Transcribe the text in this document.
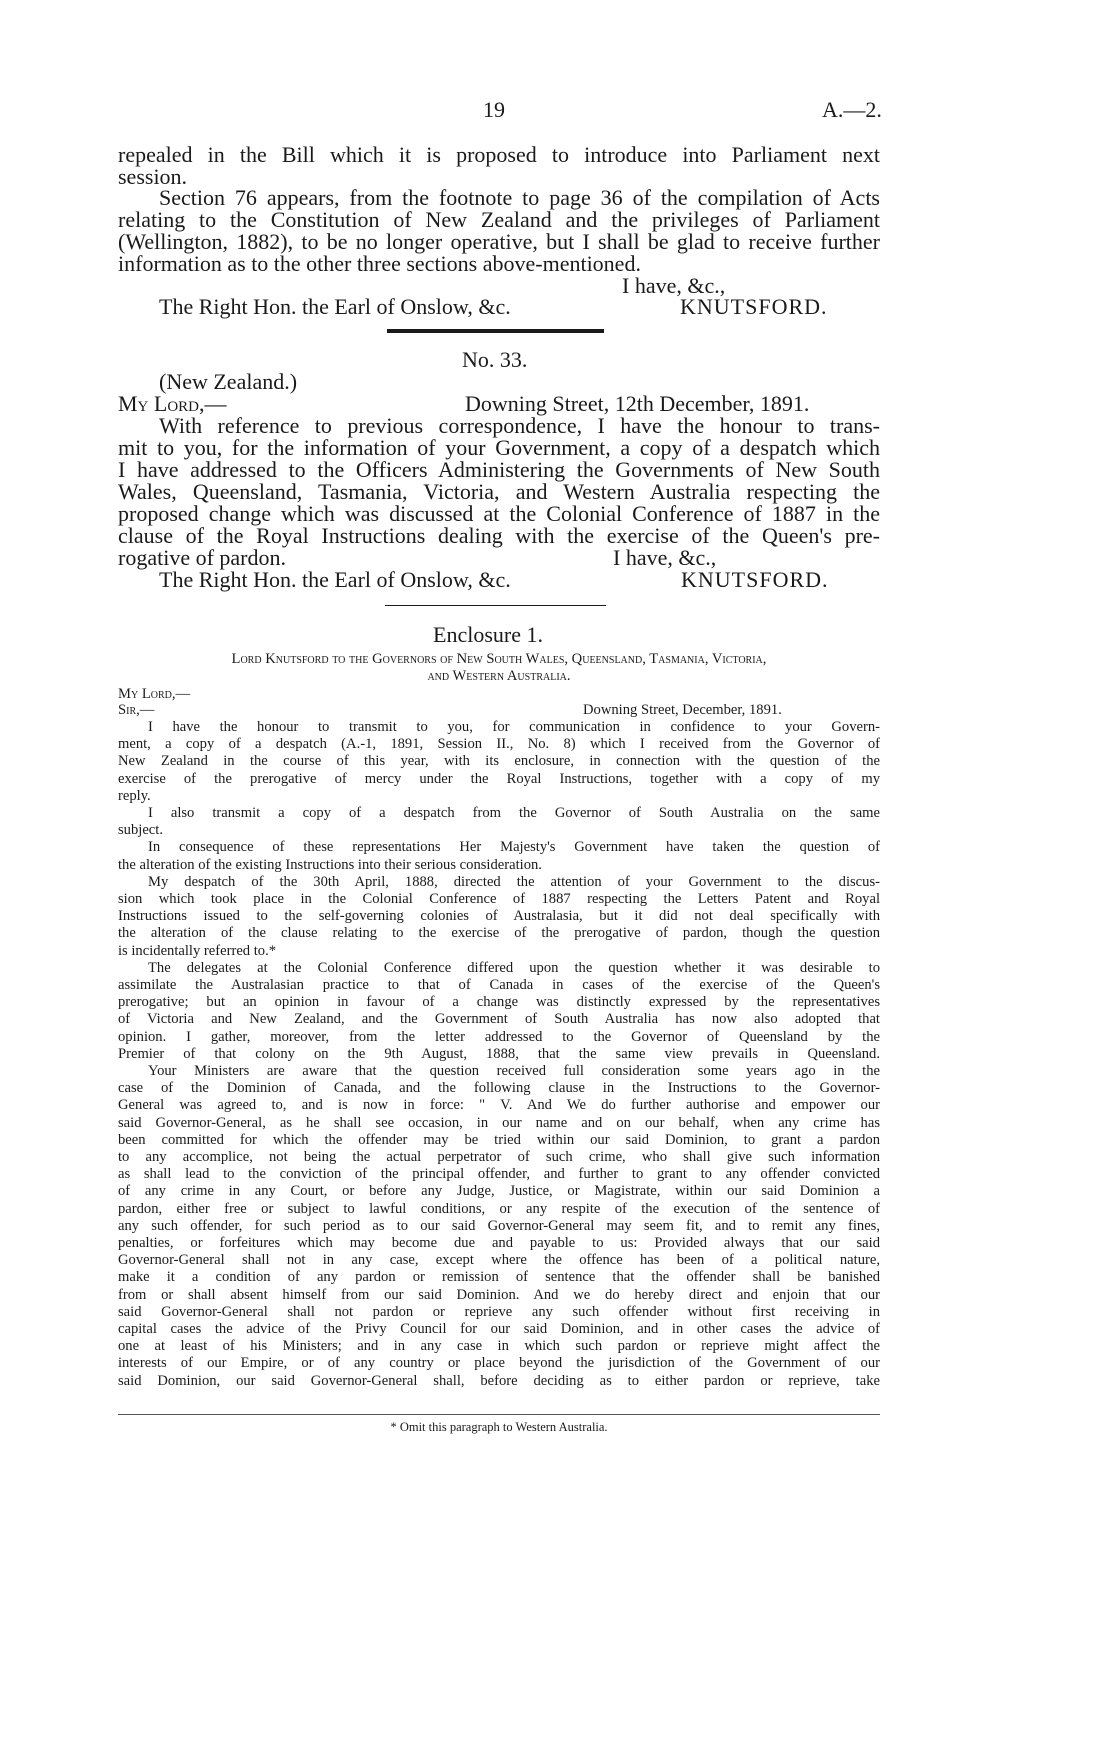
19	A.—2.

repealed in the Bill which it is proposed to introduce into Parliament next

session.

Section 76 appears, from the footnote to page 36 of the compilation of Acts

relating to the Constitution of New Zealand and the privileges of Parliament

(Wellington, 1882), to be no longer operative, but I shall be glad to receive further

information as to the other three sections above-mentioned.

I have, &c.,

The Right Hon. the Earl of Onslow, &c.	KNUTSFORD.

No. 33.

(New Zealand.)

My Lord,—	Downing Street, 12th December, 1891.

With reference to previous correspondence, I have the honour to trans-

mit to you, for the information of your Government, a copy of a despatch which

I have addressed to the Officers Administering the Governments of New South

Wales, Queensland, Tasmania, Victoria, and Western Australia respecting the

proposed change which was discussed at the Colonial Conference of 1887 in the

clause of the Royal Instructions dealing with the exercise of the Queen's pre-

rogative of pardon.	I have, &c.,

The Right Hon. the Earl of Onslow, &c.	KNUTSFORD.

Enclosure 1.

Lord Knutsford to the Governors of New South Wales, Queensland, Tasmania, Victoria,

and Western Australia.

My Lord,—

Sir,—	Downing Street, December, 1891.

I have the honour to transmit to you, for communication in confidence to your Govern-

ment, a copy of a despatch (A.-1, 1891, Session II., No. 8) which I received from the Governor of

New Zealand in the course of this year, with its enclosure, in connection with the question of the

exercise of the prerogative of mercy under the Royal Instructions, together with a copy of my

reply.

I also transmit a copy of a despatch from the Governor of South Australia on the same

subject.

In consequence of these representations Her Majesty's Government have taken the question of

the alteration of the existing Instructions into their serious consideration.

My despatch of the 30th April, 1888, directed the attention of your Government to the discus-

sion which took place in the Colonial Conference of 1887 respecting the Letters Patent and Royal

Instructions issued to the self-governing colonies of Australasia, but it did not deal specifically with

the alteration of the clause relating to the exercise of the prerogative of pardon, though the question

is incidentally referred to.*

The delegates at the Colonial Conference differed upon the question whether it was desirable to

assimilate the Australasian practice to that of Canada in cases of the exercise of the Queen's

prerogative; but an opinion in favour of a change was distinctly expressed by the representatives

of Victoria and New Zealand, and the Government of South Australia has now also adopted that

opinion. I gather, moreover, from the letter addressed to the Governor of Queensland by the

Premier of that colony on the 9th August, 1888, that the same view prevails in Queensland.

Your Ministers are aware that the question received full consideration some years ago in the

case of the Dominion of Canada, and the following clause in the Instructions to the Governor-

General was agreed to, and is now in force: " V. And We do further authorise and empower our

said Governor-General, as he shall see occasion, in our name and on our behalf, when any crime has

been committed for which the offender may be tried within our said Dominion, to grant a pardon

to any accomplice, not being the actual perpetrator of such crime, who shall give such information

as shall lead to the conviction of the principal offender, and further to grant to any offender convicted

of any crime in any Court, or before any Judge, Justice, or Magistrate, within our said Dominion a

pardon, either free or subject to lawful conditions, or any respite of the execution of the sentence of

any such offender, for such period as to our said Governor-General may seem fit, and to remit any fines,

penalties, or forfeitures which may become due and payable to us: Provided always that our said

Governor-General shall not in any case, except where the offence has been of a political nature,

make it a condition of any pardon or remission of sentence that the offender shall be banished

from or shall absent himself from our said Dominion. And we do hereby direct and enjoin that our

said Governor-General shall not pardon or reprieve any such offender without first receiving in

capital cases the advice of the Privy Council for our said Dominion, and in other cases the advice of

one at least of his Ministers; and in any case in which such pardon or reprieve might affect the

interests of our Empire, or of any country or place beyond the jurisdiction of the Government of our

said Dominion, our said Governor-General shall, before deciding as to either pardon or reprieve, take

* Omit this paragraph to Western Australia.
